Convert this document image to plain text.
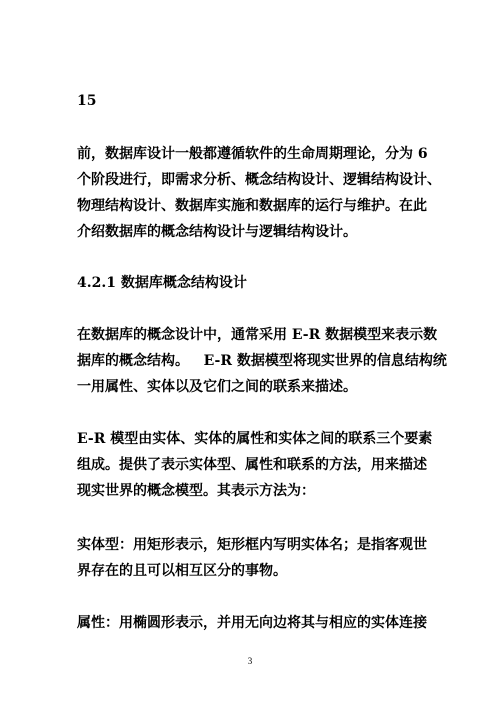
15

前，数据库设计一般都遵循软件的生命周期理论，分为 6
个阶段进行，即需求分析、概念结构设计、逻辑结构设计、
物理结构设计、数据库实施和数据库的运行与维护。在此
介绍数据库的概念结构设计与逻辑结构设计。

4.2.1 数据库概念结构设计

在数据库的概念设计中，通常采用 E-R 数据模型来表示数
据库的概念结构。   E-R 数据模型将现实世界的信息结构统
一用属性、实体以及它们之间的联系来描述。

E-R 模型由实体、实体的属性和实体之间的联系三个要素
组成。提供了表示实体型、属性和联系的方法，用来描述
现实世界的概念模型。其表示方法为：

实体型：用矩形表示，矩形框内写明实体名；是指客观世
界存在的且可以相互区分的事物。

属性：用椭圆形表示，并用无向边将其与相应的实体连接

3
